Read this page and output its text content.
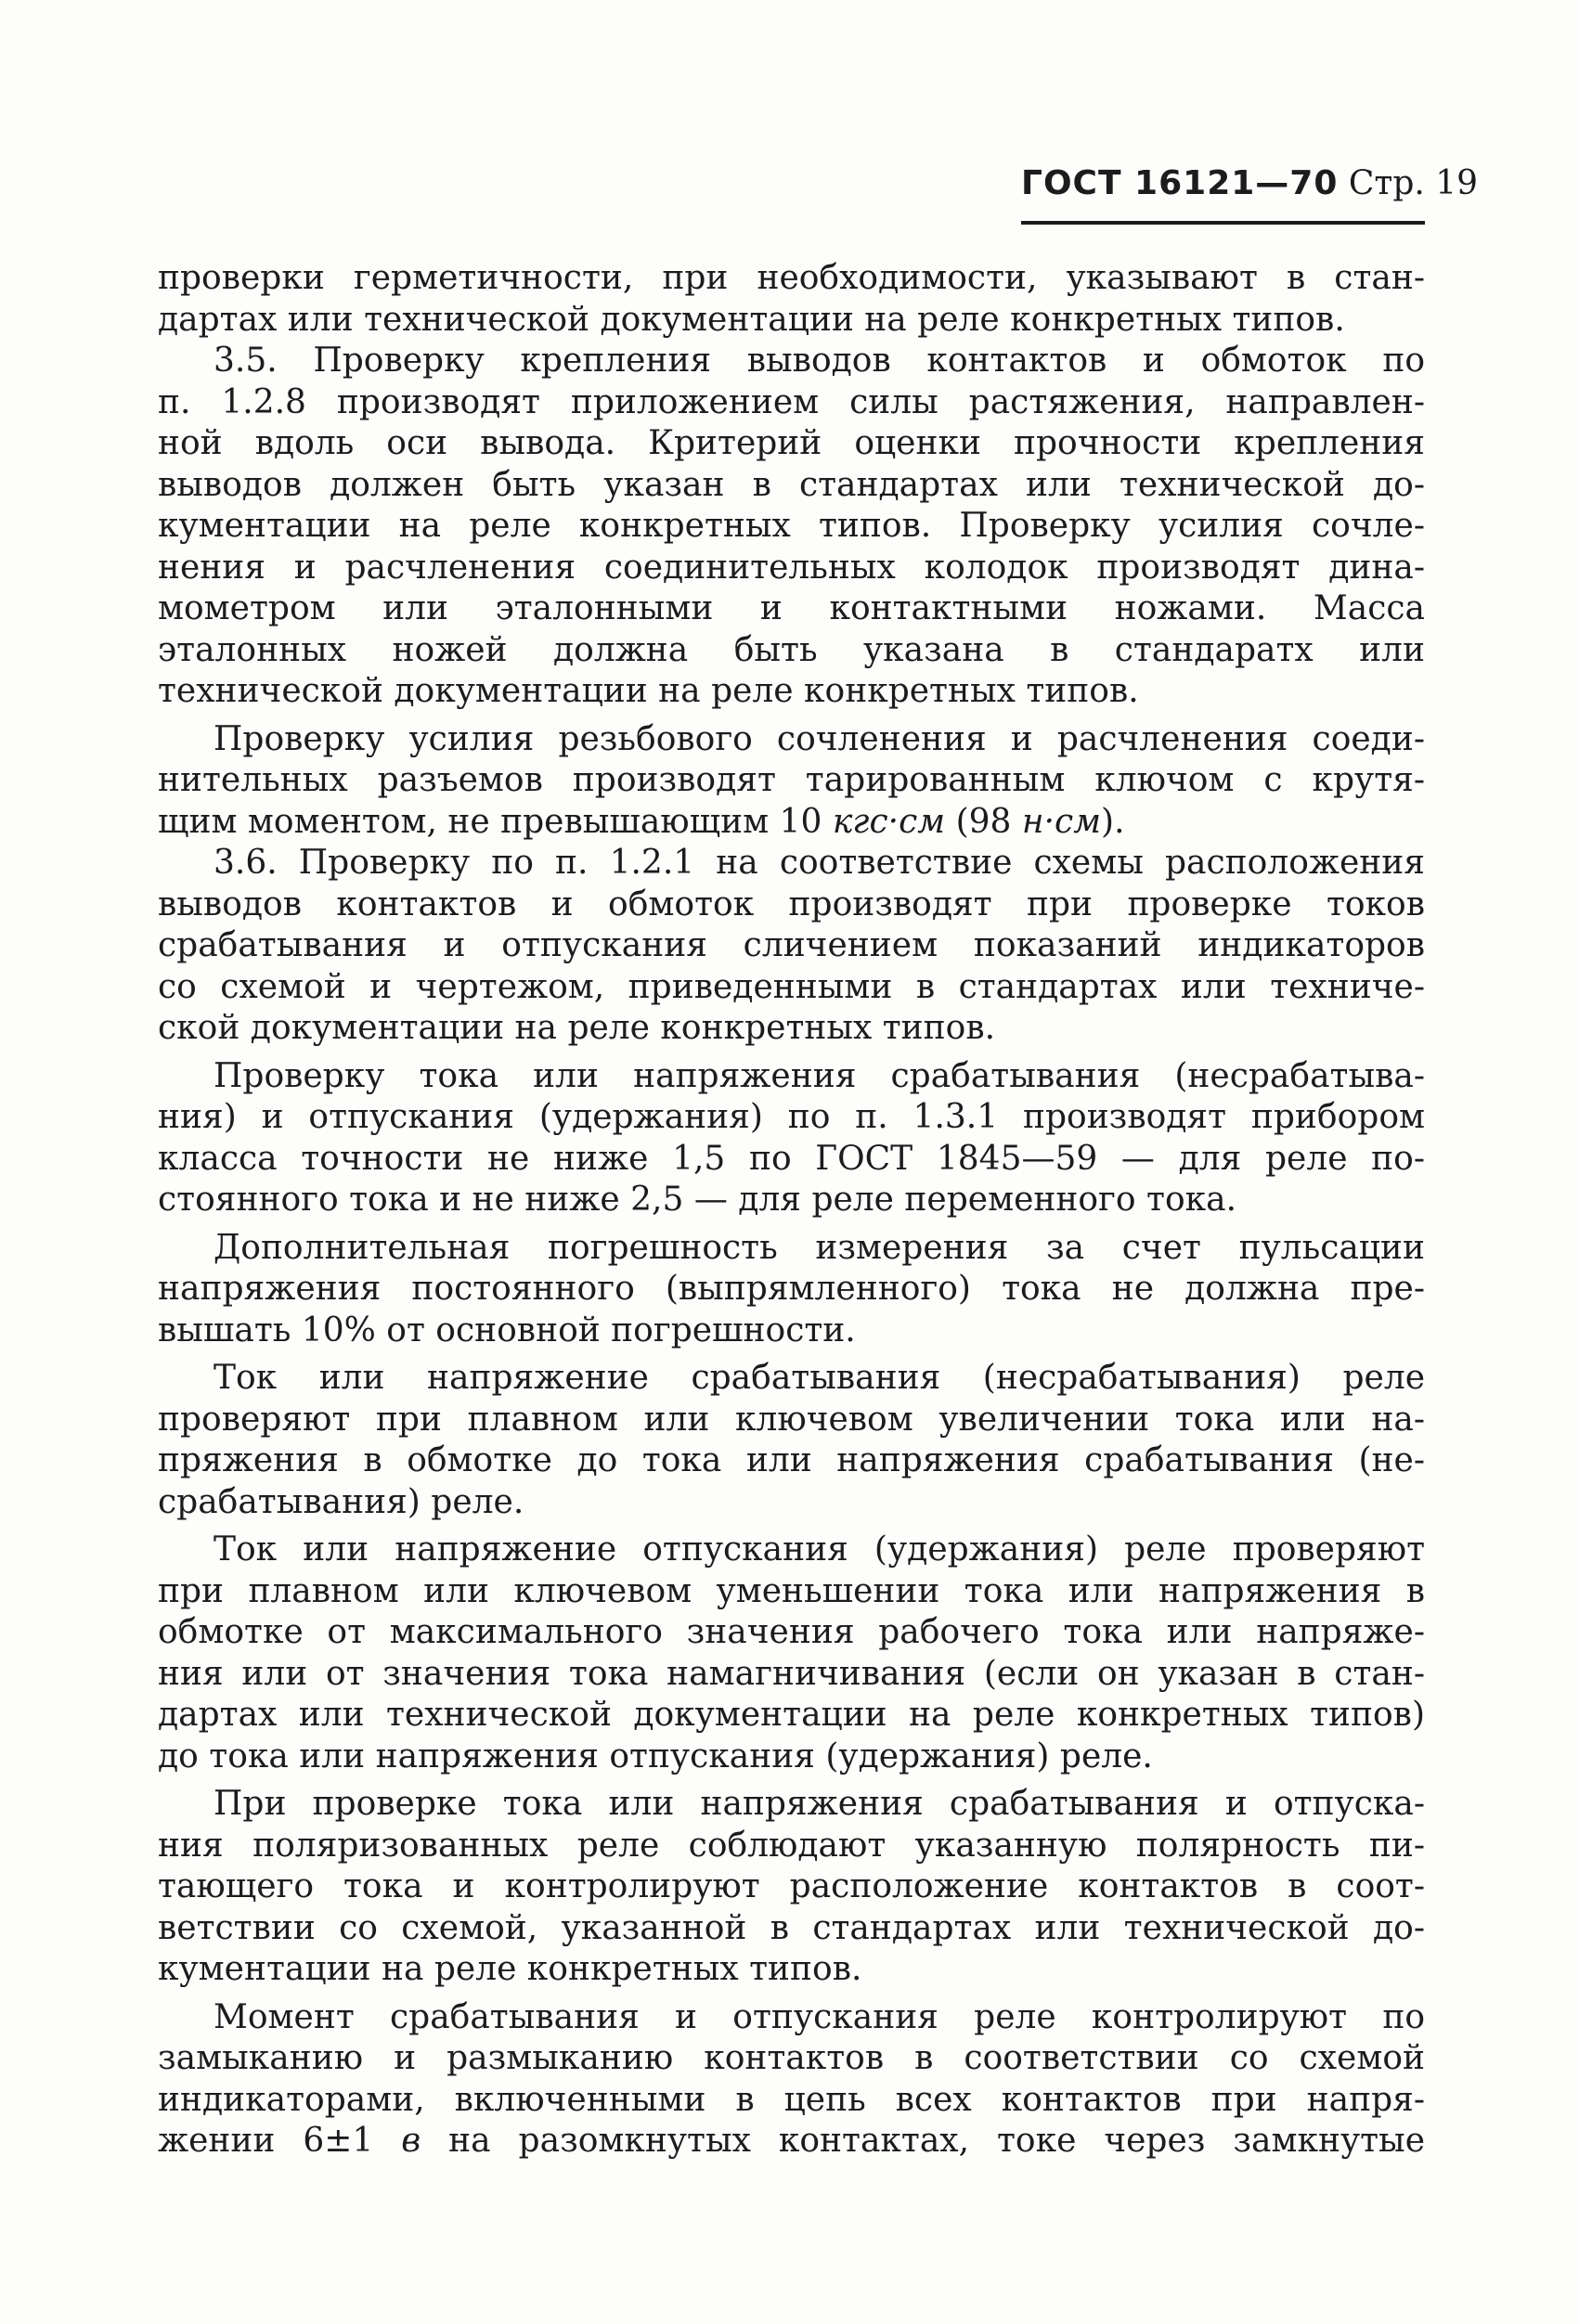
ГОСТ 16121—70 Стр. 19
проверки герметичности, при необходимости, указывают в стан-
дартах или технической документации на реле конкретных типов.
3.5. Проверку крепления выводов контактов и обмоток по
п. 1.2.8 производят приложением силы растяжения, направлен-
ной вдоль оси вывода. Критерий оценки прочности крепления
выводов должен быть указан в стандартах или технической до-
кументации на реле конкретных типов. Проверку усилия сочле-
нения и расчленения соединительных колодок производят дина-
мометром или эталонными и контактными ножами. Масса
эталонных ножей должна быть указана в стандаратх или
технической документации на реле конкретных типов.
Проверку усилия резьбового сочленения и расчленения соеди-
нительных разъемов производят тарированным ключом с крутя-
щим моментом, не превышающим 10 кгс·см (98 н·см).
3.6. Проверку по п. 1.2.1 на соответствие схемы расположения
выводов контактов и обмоток производят при проверке токов
срабатывания и отпускания сличением показаний индикаторов
со схемой и чертежом, приведенными в стандартах или техниче-
ской документации на реле конкретных типов.
Проверку тока или напряжения срабатывания (несрабатыва-
ния) и отпускания (удержания) по п. 1.3.1 производят прибором
класса точности не ниже 1,5 по ГОСТ 1845—59 — для реле по-
стоянного тока и не ниже 2,5 — для реле переменного тока.
Дополнительная погрешность измерения за счет пульсации
напряжения постоянного (выпрямленного) тока не должна пре-
вышать 10% от основной погрешности.
Ток или напряжение срабатывания (несрабатывания) реле
проверяют при плавном или ключевом увеличении тока или на-
пряжения в обмотке до тока или напряжения срабатывания (не-
срабатывания) реле.
Ток или напряжение отпускания (удержания) реле проверяют
при плавном или ключевом уменьшении тока или напряжения в
обмотке от максимального значения рабочего тока или напряже-
ния или от значения тока намагничивания (если он указан в стан-
дартах или технической документации на реле конкретных типов)
до тока или напряжения отпускания (удержания) реле.
При проверке тока или напряжения срабатывания и отпуска-
ния поляризованных реле соблюдают указанную полярность пи-
тающего тока и контролируют расположение контактов в соот-
ветствии со схемой, указанной в стандартах или технической до-
кументации на реле конкретных типов.
Момент срабатывания и отпускания реле контролируют по
замыканию и размыканию контактов в соответствии со схемой
индикаторами, включенными в цепь всех контактов при напря-
жении 6±1 в на разомкнутых контактах, токе через замкнутые
